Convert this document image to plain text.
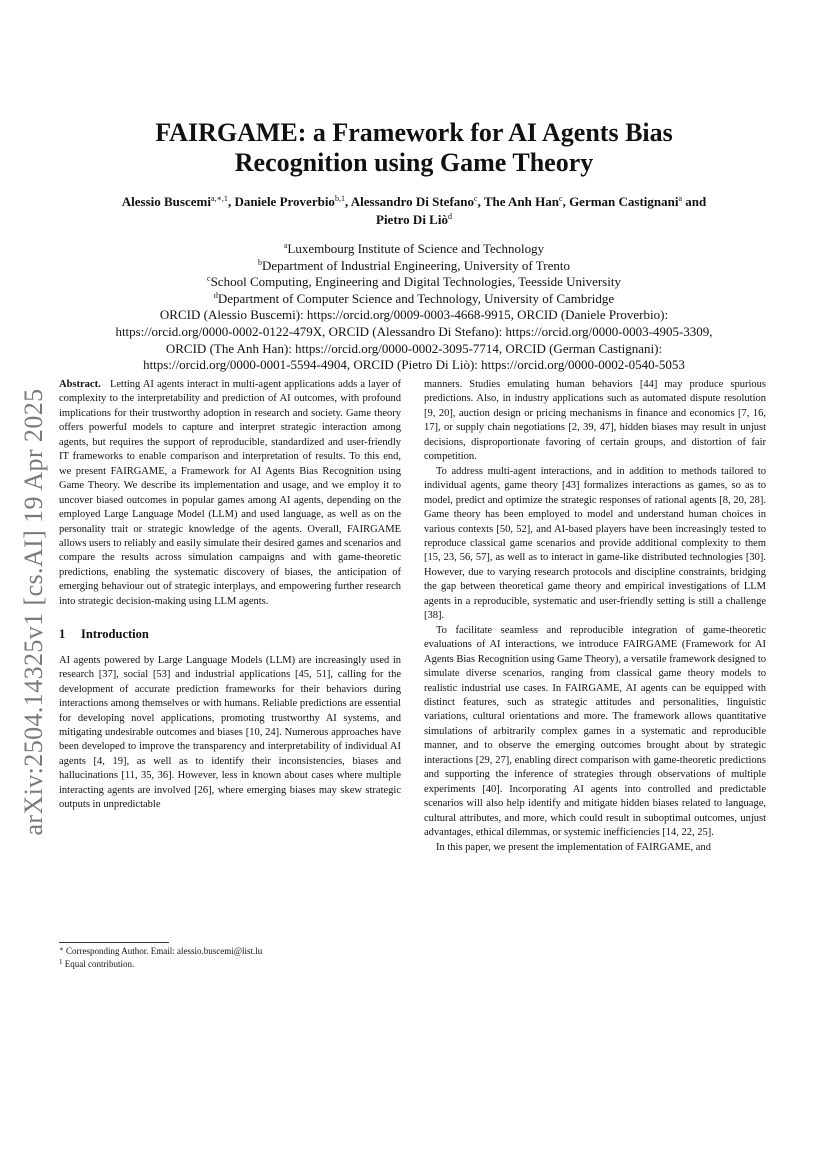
arXiv:2504.14325v1 [cs.AI] 19 Apr 2025
FAIRGAME: a Framework for AI Agents Bias
Recognition using Game Theory
Alessio Buscemi$^{a,∗,1}$, Daniele Proverbio$^{b,1}$, Alessandro Di Stefano$^c$, The Anh Han$^c$, German Castignani$^a$ and
Pietro Di Liò$^d$
$^a$Luxembourg Institute of Science and Technology
$^b$Department of Industrial Engineering, University of Trento
$^c$School Computing, Engineering and Digital Technologies, Teesside University
$^d$Department of Computer Science and Technology, University of Cambridge
ORCID (Alessio Buscemi): https://orcid.org/0009-0003-4668-9915, ORCID (Daniele Proverbio):
https://orcid.org/0000-0002-0122-479X, ORCID (Alessandro Di Stefano): https://orcid.org/0000-0003-4905-3309,
ORCID (The Anh Han): https://orcid.org/0000-0002-3095-7714, ORCID (German Castignani):
https://orcid.org/0000-0001-5594-4904, ORCID (Pietro Di Liò): https://orcid.org/0000-0002-0540-5053

Abstract. Letting AI agents interact in multi-agent applications adds a layer of complexity to the interpretability and prediction of AI outcomes, with profound implications for their trustworthy adoption in research and society. Game theory offers powerful models to capture and interpret strategic interaction among agents, but requires the support of reproducible, standardized and user-friendly IT frameworks to enable comparison and interpretation of results. To this end, we present FAIRGAME, a Framework for AI Agents Bias Recognition using Game Theory. We describe its implementation and usage, and we employ it to uncover biased outcomes in popular games among AI agents, depending on the employed Large Language Model (LLM) and used language, as well as on the personality trait or strategic knowledge of the agents. Overall, FAIRGAME allows users to reliably and easily simulate their desired games and scenarios and compare the results across simulation campaigns and with game-theoretic predictions, enabling the systematic discovery of biases, the anticipation of emerging behaviour out of strategic interplays, and empowering further research into strategic decision-making using LLM agents.

1 Introduction

AI agents powered by Large Language Models (LLM) are increasingly used in research [37], social [53] and industrial applications [45, 51], calling for the development of accurate prediction frameworks for their behaviors during interactions among themselves or with humans. Reliable predictions are essential for developing novel applications, promoting trustworthy AI systems, and mitigating undesirable outcomes and biases [10, 24]. Numerous approaches have been developed to improve the transparency and interpretability of individual AI agents [4, 19], as well as to identify their inconsistencies, biases and hallucinations [11, 35, 36]. However, less in known about cases where multiple interacting agents are involved [26], where emerging biases may skew strategic outputs in unpredictable

manners. Studies emulating human behaviors [44] may produce spurious predictions. Also, in industry applications such as automated dispute resolution [9, 20], auction design or pricing mechanisms in finance and economics [7, 16, 17], or supply chain negotiations [2, 39, 47], hidden biases may result in unjust decisions, disproportionate favoring of certain groups, and distortion of fair competition.

To address multi-agent interactions, and in addition to methods tailored to individual agents, game theory [43] formalizes interactions as games, so as to model, predict and optimize the strategic responses of rational agents [8, 20, 28]. Game theory has been employed to model and understand human choices in various contexts [50, 52], and AI-based players have been increasingly tested to reproduce classical game scenarios and provide additional complexity to them [15, 23, 56, 57], as well as to interact in game-like distributed technologies [30]. However, due to varying research protocols and discipline constraints, bridging the gap between theoretical game theory and empirical investigations of LLM agents in a reproducible, systematic and user-friendly setting is still a challenge [38].

To facilitate seamless and reproducible integration of game-theoretic evaluations of AI interactions, we introduce FAIRGAME (Framework for AI Agents Bias Recognition using Game Theory), a versatile framework designed to simulate diverse scenarios, ranging from classical game theory models to realistic industrial use cases. In FAIRGAME, AI agents can be equipped with distinct features, such as strategic attitudes and personalities, linguistic variations, cultural orientations and more. The framework allows quantitative simulations of arbitrarily complex games in a systematic and reproducible manner, and to observe the emerging outcomes brought about by strategic interactions [29, 27], enabling direct comparison with game-theoretic predictions and supporting the inference of strategies through observations of multiple experiments [40]. Incorporating AI agents into controlled and predictable scenarios will also help identify and mitigate hidden biases related to language, cultural attributes, and more, which could result in suboptimal outcomes, unjust advantages, ethical dilemmas, or systemic inefficiencies [14, 22, 25].

In this paper, we present the implementation of FAIRGAME, and

∗ Corresponding Author. Email: alessio.buscemi@list.lu
$^1$ Equal contribution.
